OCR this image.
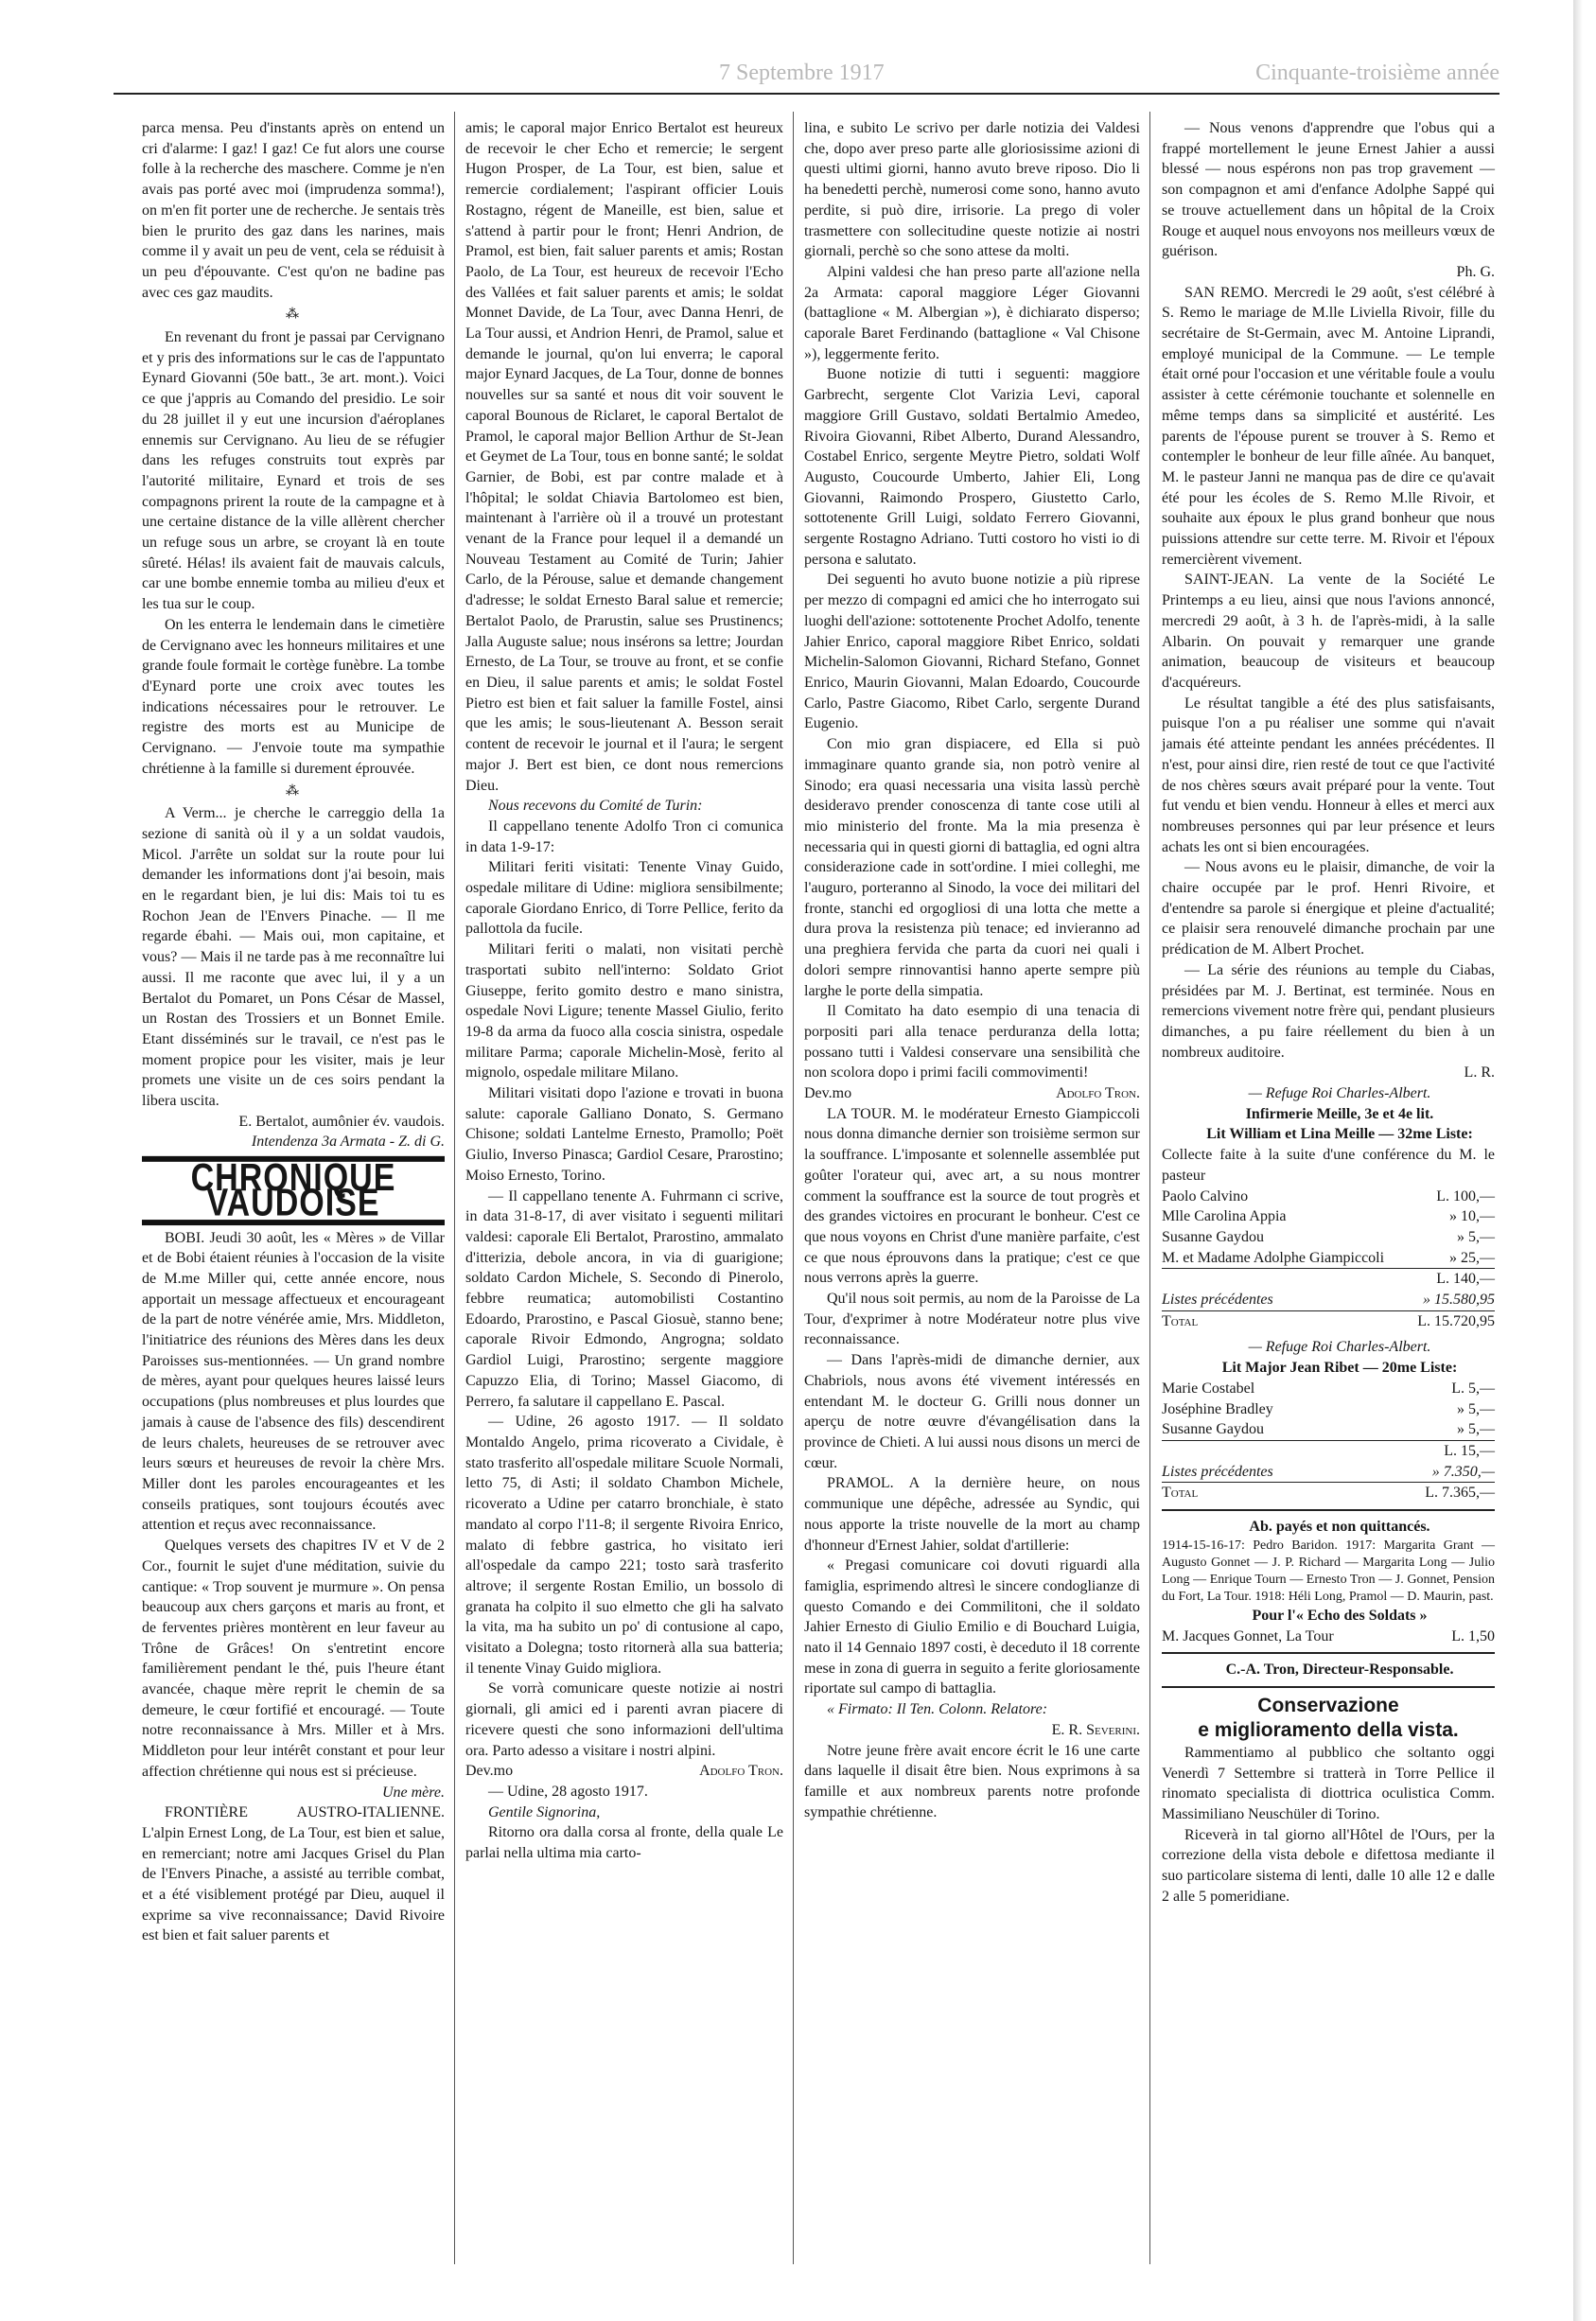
7 Septembre 1917	Cinquante-troisième année

parca mensa. Peu d'instants après on entend un cri d'alarme: I gaz! I gaz! Ce fut alors une course folle à la recherche des maschere. Comme je n'en avais pas porté avec moi (imprudenza somma!), on m'en fit porter une de recherche. Je sentais très bien le prurito des gaz dans les narines, mais comme il y avait un peu de vent, cela se réduisit à un peu d'épouvante. C'est qu'on ne badine pas avec ces gaz maudits.

⁂

En revenant du front je passai par Cervignano et y pris des informations sur le cas de l'appuntato Eynard Giovanni (50e batt., 3e art. mont.). Voici ce que j'appris au Comando del presidio. Le soir du 28 juillet il y eut une incursion d'aéroplanes ennemis sur Cervignano. Au lieu de se réfugier dans les refuges construits tout exprès par l'autorité militaire, Eynard et trois de ses compagnons prirent la route de la campagne et à une certaine distance de la ville allèrent chercher un refuge sous un arbre, se croyant là en toute sûreté. Hélas! ils avaient fait de mauvais calculs, car une bombe ennemie tomba au milieu d'eux et les tua sur le coup.

On les enterra le lendemain dans le cimetière de Cervignano avec les honneurs militaires et une grande foule formait le cortège funèbre. La tombe d'Eynard porte une croix avec toutes les indications nécessaires pour le retrouver. Le registre des morts est au Municipe de Cervignano. — J'envoie toute ma sympathie chrétienne à la famille si durement éprouvée.

⁂

A Verm... je cherche le carreggio della 1a sezione di sanità où il y a un soldat vaudois, Micol. J'arrête un soldat sur la route pour lui demander les informations dont j'ai besoin, mais en le regardant bien, je lui dis: Mais toi tu es Rochon Jean de l'Envers Pinache. — Il me regarde ébahi. — Mais oui, mon capitaine, et vous? — Mais il ne tarde pas à me reconnaître lui aussi. Il me raconte que avec lui, il y a un Bertalot du Pomaret, un Pons César de Massel, un Rostan des Trossiers et un Bonnet Emile. Etant disséminés sur le travail, ce n'est pas le moment propice pour les visiter, mais je leur promets une visite un de ces soirs pendant la libera uscita.

E. Bertalot, aumônier év. vaudois.

Intendenza 3a Armata - Z. di G.

CHRONIQUE VAUDOISE

BOBI. Jeudi 30 août, les « Mères » de Villar et de Bobi étaient réunies à l'occasion de la visite de M.me Miller qui, cette année encore, nous apportait un message affectueux et encourageant de la part de notre vénérée amie, Mrs. Middleton, l'initiatrice des réunions des Mères dans les deux Paroisses sus-mentionnées. — Un grand nombre de mères, ayant pour quelques heures laissé leurs occupations (plus nombreuses et plus lourdes que jamais à cause de l'absence des fils) descendirent de leurs chalets, heureuses de se retrouver avec leurs sœurs et heureuses de revoir la chère Mrs. Miller dont les paroles encourageantes et les conseils pratiques, sont toujours écoutés avec attention et reçus avec reconnaissance.

Quelques versets des chapitres IV et V de 2 Cor., fournit le sujet d'une méditation, suivie du cantique: « Trop souvent je murmure ». On pensa beaucoup aux chers garçons et maris au front, et de ferventes prières montèrent en leur faveur au Trône de Grâces! On s'entretint encore familièrement pendant le thé, puis l'heure étant avancée, chaque mère reprit le chemin de sa demeure, le cœur fortifié et encouragé. — Toute notre reconnaissance à Mrs. Miller et à Mrs. Middleton pour leur intérêt constant et pour leur affection chrétienne qui nous est si précieuse.

Une mère.

FRONTIÈRE AUSTRO-ITALIENNE. L'alpin Ernest Long, de La Tour, est bien et salue, en remerciant; notre ami Jacques Grisel du Plan de l'Envers Pinache, a assisté au terrible combat, et a été visiblement protégé par Dieu, auquel il exprime sa vive reconnaissance; David Rivoire est bien et fait saluer parents et

amis; le caporal major Enrico Bertalot est heureux de recevoir le cher Echo et remercie; le sergent Hugon Prosper, de La Tour, est bien, salue et remercie cordialement; l'aspirant officier Louis Rostagno, régent de Maneille, est bien, salue et s'attend à partir pour le front; Henri Andrion, de Pramol, est bien, fait saluer parents et amis; Rostan Paolo, de La Tour, est heureux de recevoir l'Echo des Vallées et fait saluer parents et amis; le soldat Monnet Davide, de La Tour, avec Danna Henri, de La Tour aussi, et Andrion Henri, de Pramol, salue et demande le journal, qu'on lui enverra; le caporal major Eynard Jacques, de La Tour, donne de bonnes nouvelles sur sa santé et nous dit voir souvent le caporal Bounous de Riclaret, le caporal Bertalot de Pramol, le caporal major Bellion Arthur de St-Jean et Geymet de La Tour, tous en bonne santé; le soldat Garnier, de Bobi, est par contre malade et à l'hôpital; le soldat Chiavia Bartolomeo est bien, maintenant à l'arrière où il a trouvé un protestant venant de la France pour lequel il a demandé un Nouveau Testament au Comité de Turin; Jahier Carlo, de la Pérouse, salue et demande changement d'adresse; le soldat Ernesto Baral salue et remercie; Bertalot Paolo, de Prarustin, salue ses Prustinencs; Jalla Auguste salue; nous insérons sa lettre; Jourdan Ernesto, de La Tour, se trouve au front, et se confie en Dieu, il salue parents et amis; le soldat Fostel Pietro est bien et fait saluer la famille Fostel, ainsi que les amis; le sous-lieutenant A. Besson serait content de recevoir le journal et il l'aura; le sergent major J. Bert est bien, ce dont nous remercions Dieu.

Nous recevons du Comité de Turin:

Il cappellano tenente Adolfo Tron ci comunica in data 1-9-17:

Militari feriti visitati: Tenente Vinay Guido, ospedale militare di Udine: migliora sensibilmente; caporale Giordano Enrico, di Torre Pellice, ferito da pallottola da fucile.

Militari feriti o malati, non visitati perchè trasportati subito nell'interno: Soldato Griot Giuseppe, ferito gomito destro e mano sinistra, ospedale Novi Ligure; tenente Massel Giulio, ferito 19-8 da arma da fuoco alla coscia sinistra, ospedale militare Parma; caporale Michelin-Mosè, ferito al mignolo, ospedale militare Milano.

Militari visitati dopo l'azione e trovati in buona salute: caporale Galliano Donato, S. Germano Chisone; soldati Lantelme Ernesto, Pramollo; Poët Giulio, Inverso Pinasca; Gardiol Cesare, Prarostino; Moiso Ernesto, Torino.

— Il cappellano tenente A. Fuhrmann ci scrive, in data 31-8-17, di aver visitato i seguenti militari valdesi: caporale Eli Bertalot, Prarostino, ammalato d'itterizia, debole ancora, in via di guarigione; soldato Cardon Michele, S. Secondo di Pinerolo, febbre reumatica; automobilisti Costantino Edoardo, Prarostino, e Pascal Giosuè, stanno bene; caporale Rivoir Edmondo, Angrogna; soldato Gardiol Luigi, Prarostino; sergente maggiore Capuzzo Elia, di Torino; Massel Giacomo, di Perrero, fa salutare il cappellano E. Pascal.

— Udine, 26 agosto 1917. — Il soldato Montaldo Angelo, prima ricoverato a Cividale, è stato trasferito all'ospedale militare Scuole Normali, letto 75, di Asti; il soldato Chambon Michele, ricoverato a Udine per catarro bronchiale, è stato mandato al corpo l'11-8; il sergente Rivoira Enrico, malato di febbre gastrica, ho visitato ieri all'ospedale da campo 221; tosto sarà trasferito altrove; il sergente Rostan Emilio, un bossolo di granata ha colpito il suo elmetto che gli ha salvato la vita, ma ha subito un po' di contusione al capo, visitato a Dolegna; tosto ritornerà alla sua batteria; il tenente Vinay Guido migliora.

Se vorrà comunicare queste notizie ai nostri giornali, gli amici ed i parenti avran piacere di ricevere questi che sono informazioni dell'ultima ora. Parto adesso a visitare i nostri alpini.

Dev.mo	Adolfo Tron.

— Udine, 28 agosto 1917.

Gentile Signorina,

Ritorno ora dalla corsa al fronte, della quale Le parlai nella ultima mia carto-

lina, e subito Le scrivo per darle notizia dei Valdesi che, dopo aver preso parte alle gloriosissime azioni di questi ultimi giorni, hanno avuto breve riposo. Dio li ha benedetti perchè, numerosi come sono, hanno avuto perdite, si può dire, irrisorie. La prego di voler trasmettere con sollecitudine queste notizie ai nostri giornali, perchè so che sono attese da molti.

Alpini valdesi che han preso parte all'azione nella 2a Armata: caporal maggiore Léger Giovanni (battaglione « M. Albergian »), è dichiarato disperso; caporale Baret Ferdinando (battaglione « Val Chisone »), leggermente ferito.

Buone notizie di tutti i seguenti: maggiore Garbrecht, sergente Clot Varizia Levi, caporal maggiore Grill Gustavo, soldati Bertalmio Amedeo, Rivoira Giovanni, Ribet Alberto, Durand Alessandro, Costabel Enrico, sergente Meytre Pietro, soldati Wolf Augusto, Coucourde Umberto, Jahier Eli, Long Giovanni, Raimondo Prospero, Giustetto Carlo, sottotenente Grill Luigi, soldato Ferrero Giovanni, sergente Rostagno Adriano. Tutti costoro ho visti io di persona e salutato.

Dei seguenti ho avuto buone notizie a più riprese per mezzo di compagni ed amici che ho interrogato sui luoghi dell'azione: sottotenente Prochet Adolfo, tenente Jahier Enrico, caporal maggiore Ribet Enrico, soldati Michelin-Salomon Giovanni, Richard Stefano, Gonnet Enrico, Maurin Giovanni, Malan Edoardo, Coucourde Carlo, Pastre Giacomo, Ribet Carlo, sergente Durand Eugenio.

Con mio gran dispiacere, ed Ella si può immaginare quanto grande sia, non potrò venire al Sinodo; era quasi necessaria una visita lassù perchè desideravo prender conoscenza di tante cose utili al mio ministerio del fronte. Ma la mia presenza è necessaria qui in questi giorni di battaglia, ed ogni altra considerazione cade in sott'ordine. I miei colleghi, me l'auguro, porteranno al Sinodo, la voce dei militari del fronte, stanchi ed orgogliosi di una lotta che mette a dura prova la resistenza più tenace; ed invieranno ad una preghiera fervida che parta da cuori nei quali i dolori sempre rinnovantisi hanno aperte sempre più larghe le porte della simpatia.

Il Comitato ha dato esempio di una tenacia di porpositi pari alla tenace perduranza della lotta; possano tutti i Valdesi conservare una sensibilità che non scolora dopo i primi facili commovimenti!

Dev.mo	Adolfo Tron.

LA TOUR. M. le modérateur Ernesto Giampiccoli nous donna dimanche dernier son troisième sermon sur la souffrance. L'imposante et solennelle assemblée put goûter l'orateur qui, avec art, a su nous montrer comment la souffrance est la source de tout progrès et des grandes victoires en procurant le bonheur. C'est ce que nous voyons en Christ d'une manière parfaite, c'est ce que nous éprouvons dans la pratique; c'est ce que nous verrons après la guerre.

Qu'il nous soit permis, au nom de la Paroisse de La Tour, d'exprimer à notre Modérateur notre plus vive reconnaissance.

— Dans l'après-midi de dimanche dernier, aux Chabriols, nous avons été vivement intéressés en entendant M. le docteur G. Grilli nous donner un aperçu de notre œuvre d'évangélisation dans la province de Chieti. A lui aussi nous disons un merci de cœur.

PRAMOL. A la dernière heure, on nous communique une dépêche, adressée au Syndic, qui nous apporte la triste nouvelle de la mort au champ d'honneur d'Ernest Jahier, soldat d'artillerie:

« Pregasi comunicare coi dovuti riguardi alla famiglia, esprimendo altresì le sincere condoglianze di questo Comando e dei Commilitoni, che il soldato Jahier Ernesto di Giulio Emilio e di Bouchard Luigia, nato il 14 Gennaio 1897 costi, è deceduto il 18 corrente mese in zona di guerra in seguito a ferite gloriosamente riportate sul campo di battaglia.

« Firmato: Il Ten. Colonn. Relatore:

E. R. Severini.

Notre jeune frère avait encore écrit le 16 une carte dans laquelle il disait être bien. Nous exprimons à sa famille et aux nombreux parents notre profonde sympathie chrétienne.

— Nous venons d'apprendre que l'obus qui a frappé mortellement le jeune Ernest Jahier a aussi blessé — nous espérons non pas trop gravement — son compagnon et ami d'enfance Adolphe Sappé qui se trouve actuellement dans un hôpital de la Croix Rouge et auquel nous envoyons nos meilleurs vœux de guérison.

Ph. G.

SAN REMO. Mercredi le 29 août, s'est célébré à S. Remo le mariage de M.lle Liviella Rivoir, fille du secrétaire de St-Germain, avec M. Antoine Liprandi, employé municipal de la Commune. — Le temple était orné pour l'occasion et une véritable foule a voulu assister à cette cérémonie touchante et solennelle en même temps dans sa simplicité et austérité. Les parents de l'épouse purent se trouver à S. Remo et contempler le bonheur de leur fille aînée. Au banquet, M. le pasteur Janni ne manqua pas de dire ce qu'avait été pour les écoles de S. Remo M.lle Rivoir, et souhaite aux époux le plus grand bonheur que nous puissions attendre sur cette terre. M. Rivoir et l'époux remercièrent vivement.

SAINT-JEAN. La vente de la Société Le Printemps a eu lieu, ainsi que nous l'avions annoncé, mercredi 29 août, à 3 h. de l'après-midi, à la salle Albarin. On pouvait y remarquer une grande animation, beaucoup de visiteurs et beaucoup d'acquéreurs.

Le résultat tangible a été des plus satisfaisants, puisque l'on a pu réaliser une somme qui n'avait jamais été atteinte pendant les années précédentes. Il n'est, pour ainsi dire, rien resté de tout ce que l'activité de nos chères sœurs avait préparé pour la vente. Tout fut vendu et bien vendu. Honneur à elles et merci aux nombreuses personnes qui par leur présence et leurs achats les ont si bien encouragées.

— Nous avons eu le plaisir, dimanche, de voir la chaire occupée par le prof. Henri Rivoire, et d'entendre sa parole si énergique et pleine d'actualité; ce plaisir sera renouvelé dimanche prochain par une prédication de M. Albert Prochet.

— La série des réunions au temple du Ciabas, présidées par M. J. Bertinat, est terminée. Nous en remercions vivement notre frère qui, pendant plusieurs dimanches, a pu faire réellement du bien à un nombreux auditoire.

L. R.

— Refuge Roi Charles-Albert.

Infirmerie Meille, 3e et 4e lit.

Lit William et Lina Meille — 32me Liste:

Collecte faite à la suite d'une conférence du M. le pasteur

Paolo Calvino	L. 100,—
Mlle Carolina Appia	» 10,—
Susanne Gaydou	» 5,—
M. et Madame Adolphe Giampiccoli	» 25,—
L. 140,—
Listes précédentes	» 15.580,95
Total	L. 15.720,95

— Refuge Roi Charles-Albert.

Lit Major Jean Ribet — 20me Liste:

Marie Costabel	L. 5,—
Joséphine Bradley	» 5,—
Susanne Gaydou	» 5,—
L. 15,—
Listes précédentes	» 7.350,—
Total	L. 7.365,—

Ab. payés et non quittancés.

1914-15-16-17: Pedro Baridon. 1917: Margarita Grant — Augusto Gonnet — J. P. Richard — Margarita Long — Julio Long — Enrique Tourn — Ernesto Tron — J. Gonnet, Pension du Fort, La Tour. 1918: Héli Long, Pramol — D. Maurin, past.

Pour l'« Echo des Soldats »

M. Jacques Gonnet, La Tour	L. 1,50

C.-A. Tron, Directeur-Responsable.

Conservazione
e miglioramento della vista.

Rammentiamo al pubblico che soltanto oggi Venerdì 7 Settembre si tratterà in Torre Pellice il rinomato specialista di diottrica oculistica Comm. Massimiliano Neuschüler di Torino.

Riceverà in tal giorno all'Hôtel de l'Ours, per la correzione della vista debole e difettosa mediante il suo particolare sistema di lenti, dalle 10 alle 12 e dalle 2 alle 5 pomeridiane.
